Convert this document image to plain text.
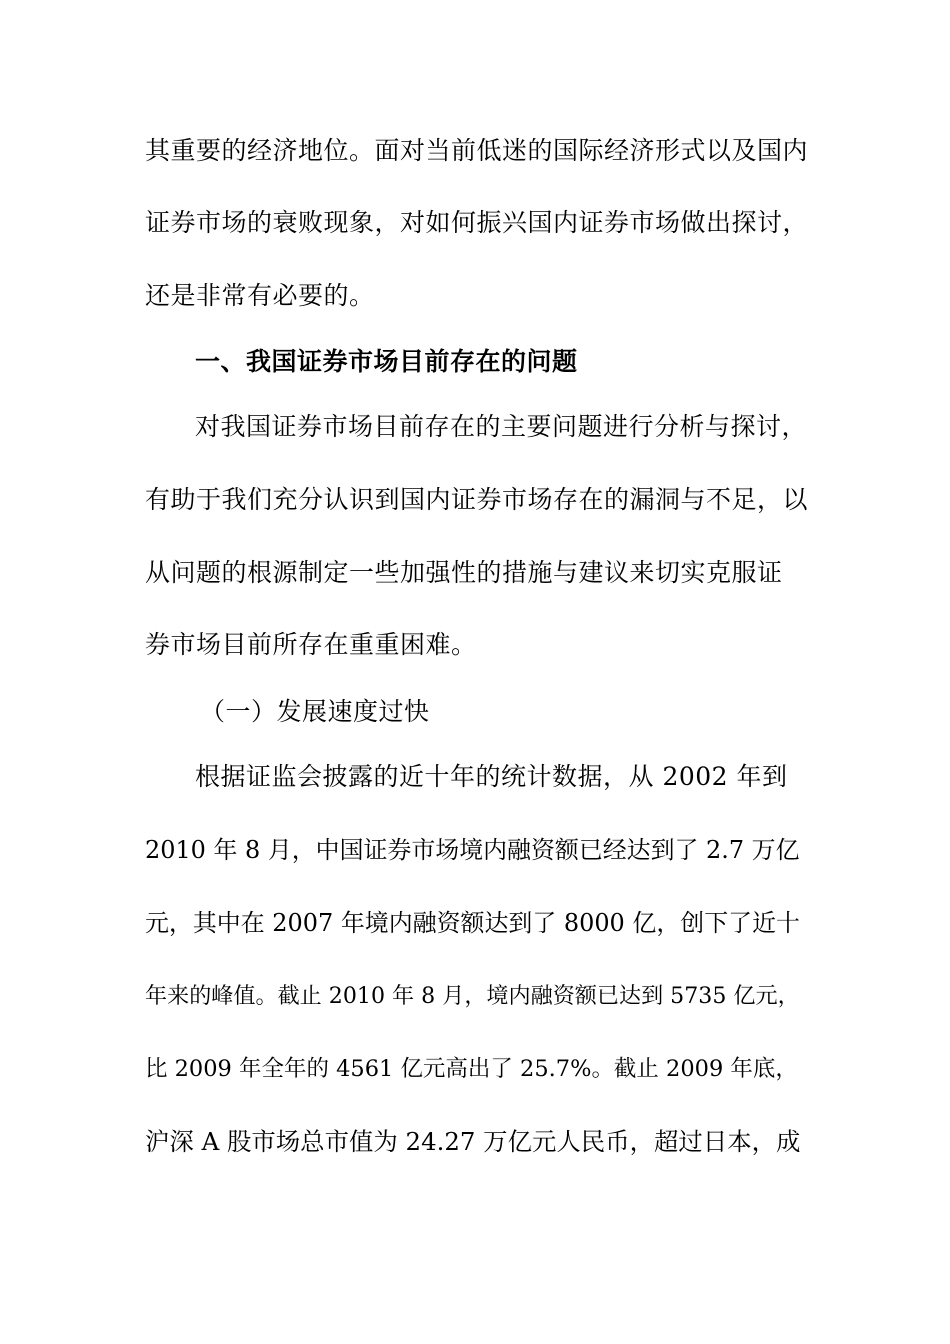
其重要的经济地位。面对当前低迷的国际经济形式以及国内
证券市场的衰败现象，对如何振兴国内证券市场做出探讨，
还是非常有必要的。
一、我国证券市场目前存在的问题
对我国证券市场目前存在的主要问题进行分析与探讨，
有助于我们充分认识到国内证券市场存在的漏洞与不足，以
从问题的根源制定一些加强性的措施与建议来切实克服证
券市场目前所存在重重困难。
（一）发展速度过快
根据证监会披露的近十年的统计数据，从 2002 年到
2010 年 8 月，中国证券市场境内融资额已经达到了 2.7 万亿
元，其中在 2007 年境内融资额达到了 8000 亿，创下了近十
年来的峰值。截止 2010 年 8 月，境内融资额已达到 5735 亿元，
比 2009 年全年的 4561 亿元高出了 25.7%。截止 2009 年底，
沪深 A 股市场总市值为 24.27 万亿元人民币，超过日本，成
